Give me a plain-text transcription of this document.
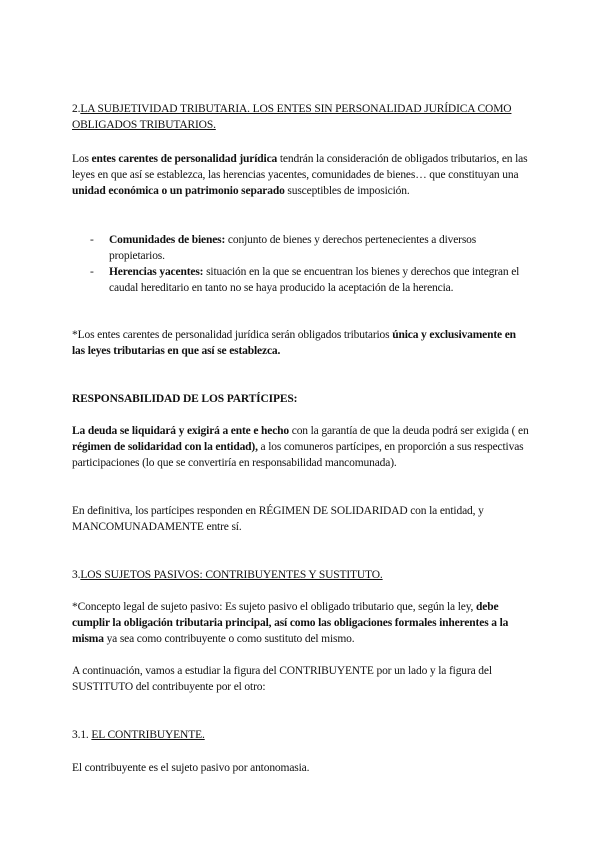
2.LA SUBJETIVIDAD TRIBUTARIA. LOS ENTES SIN PERSONALIDAD JURÍDICA COMO OBLIGADOS TRIBUTARIOS.

Los entes carentes de personalidad jurídica tendrán la consideración de obligados tributarios, en las leyes en que así se establezca, las herencias yacentes, comunidades de bienes… que constituyan una unidad económica o un patrimonio separado susceptibles de imposición.

- Comunidades de bienes: conjunto de bienes y derechos pertenecientes a diversos propietarios.
- Herencias yacentes: situación en la que se encuentran los bienes y derechos que integran el caudal hereditario en tanto no se haya producido la aceptación de la herencia.

*Los entes carentes de personalidad jurídica serán obligados tributarios única y exclusivamente en las leyes tributarias en que así se establezca.

RESPONSABILIDAD DE LOS PARTÍCIPES:

La deuda se liquidará y exigirá a ente e hecho con la garantía de que la deuda podrá ser exigida ( en régimen de solidaridad con la entidad), a los comuneros partícipes, en proporción a sus respectivas participaciones (lo que se convertiría en responsabilidad mancomunada).

En definitiva, los partícipes responden en RÉGIMEN DE SOLIDARIDAD con la entidad, y MANCOMUNADAMENTE entre sí.

3.LOS SUJETOS PASIVOS: CONTRIBUYENTES Y SUSTITUTO.

*Concepto legal de sujeto pasivo: Es sujeto pasivo el obligado tributario que, según la ley, debe cumplir la obligación tributaria principal, así como las obligaciones formales inherentes a la misma ya sea como contribuyente o como sustituto del mismo.

A continuación, vamos a estudiar la figura del CONTRIBUYENTE por un lado y la figura del SUSTITUTO del contribuyente por el otro:

3.1. EL CONTRIBUYENTE.

El contribuyente es el sujeto pasivo por antonomasia.
